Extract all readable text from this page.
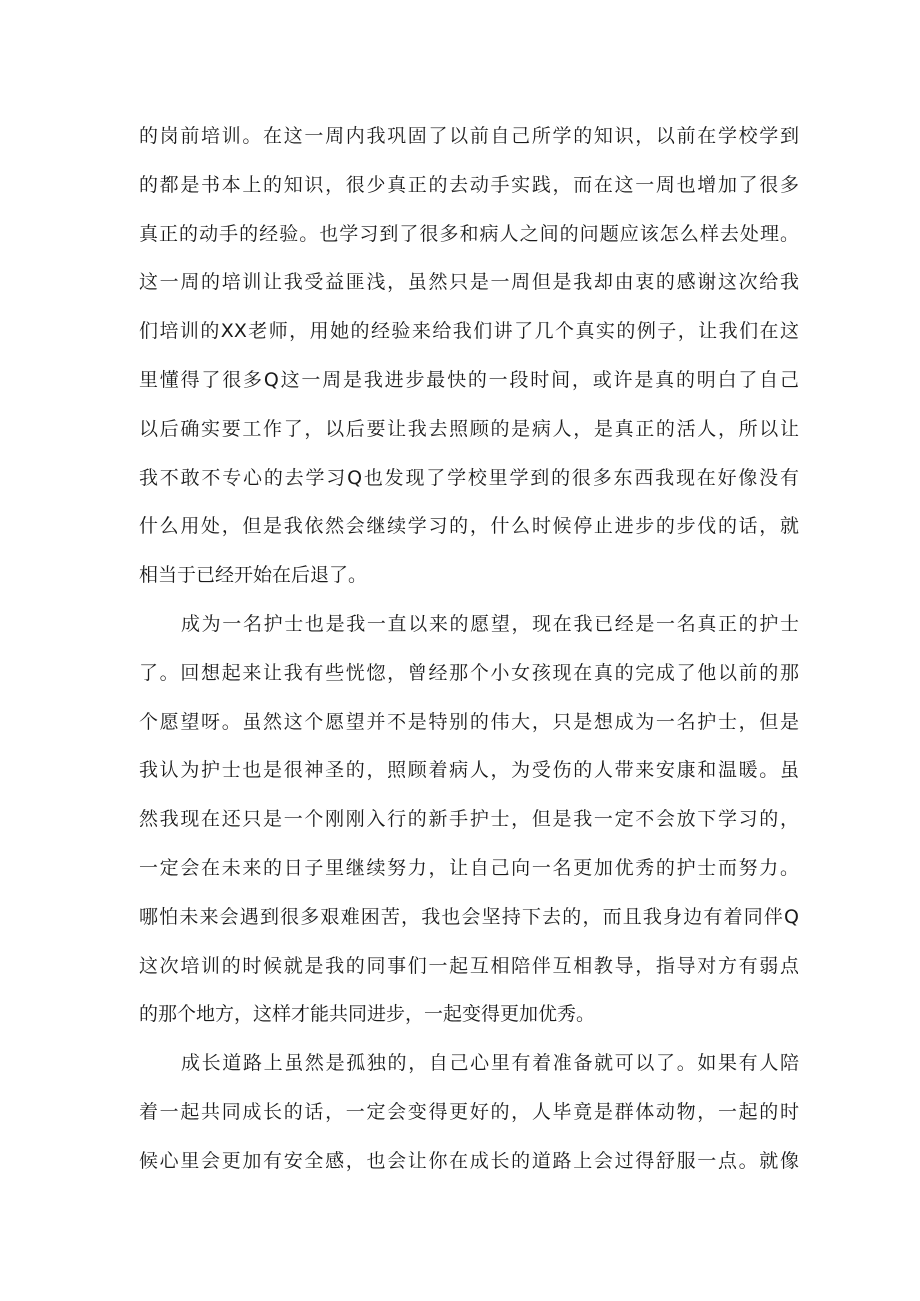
的岗前培训。在这一周内我巩固了以前自己所学的知识，以前在学校学到
的都是书本上的知识，很少真正的去动手实践，而在这一周也增加了很多
真正的动手的经验。也学习到了很多和病人之间的问题应该怎么样去处理。
这一周的培训让我受益匪浅，虽然只是一周但是我却由衷的感谢这次给我
们培训的XX老师，用她的经验来给我们讲了几个真实的例子，让我们在这
里懂得了很多Q这一周是我进步最快的一段时间，或许是真的明白了自己
以后确实要工作了，以后要让我去照顾的是病人，是真正的活人，所以让
我不敢不专心的去学习Q也发现了学校里学到的很多东西我现在好像没有
什么用处，但是我依然会继续学习的，什么时候停止进步的步伐的话，就
相当于已经开始在后退了。
成为一名护士也是我一直以来的愿望，现在我已经是一名真正的护士
了。回想起来让我有些恍惚，曾经那个小女孩现在真的完成了他以前的那
个愿望呀。虽然这个愿望并不是特别的伟大，只是想成为一名护士，但是
我认为护士也是很神圣的，照顾着病人，为受伤的人带来安康和温暖。虽
然我现在还只是一个刚刚入行的新手护士，但是我一定不会放下学习的，
一定会在未来的日子里继续努力，让自己向一名更加优秀的护士而努力。
哪怕未来会遇到很多艰难困苦，我也会坚持下去的，而且我身边有着同伴Q
这次培训的时候就是我的同事们一起互相陪伴互相教导，指导对方有弱点
的那个地方，这样才能共同进步，一起变得更加优秀。
成长道路上虽然是孤独的，自己心里有着准备就可以了。如果有人陪
着一起共同成长的话，一定会变得更好的，人毕竟是群体动物，一起的时
候心里会更加有安全感，也会让你在成长的道路上会过得舒服一点。就像
